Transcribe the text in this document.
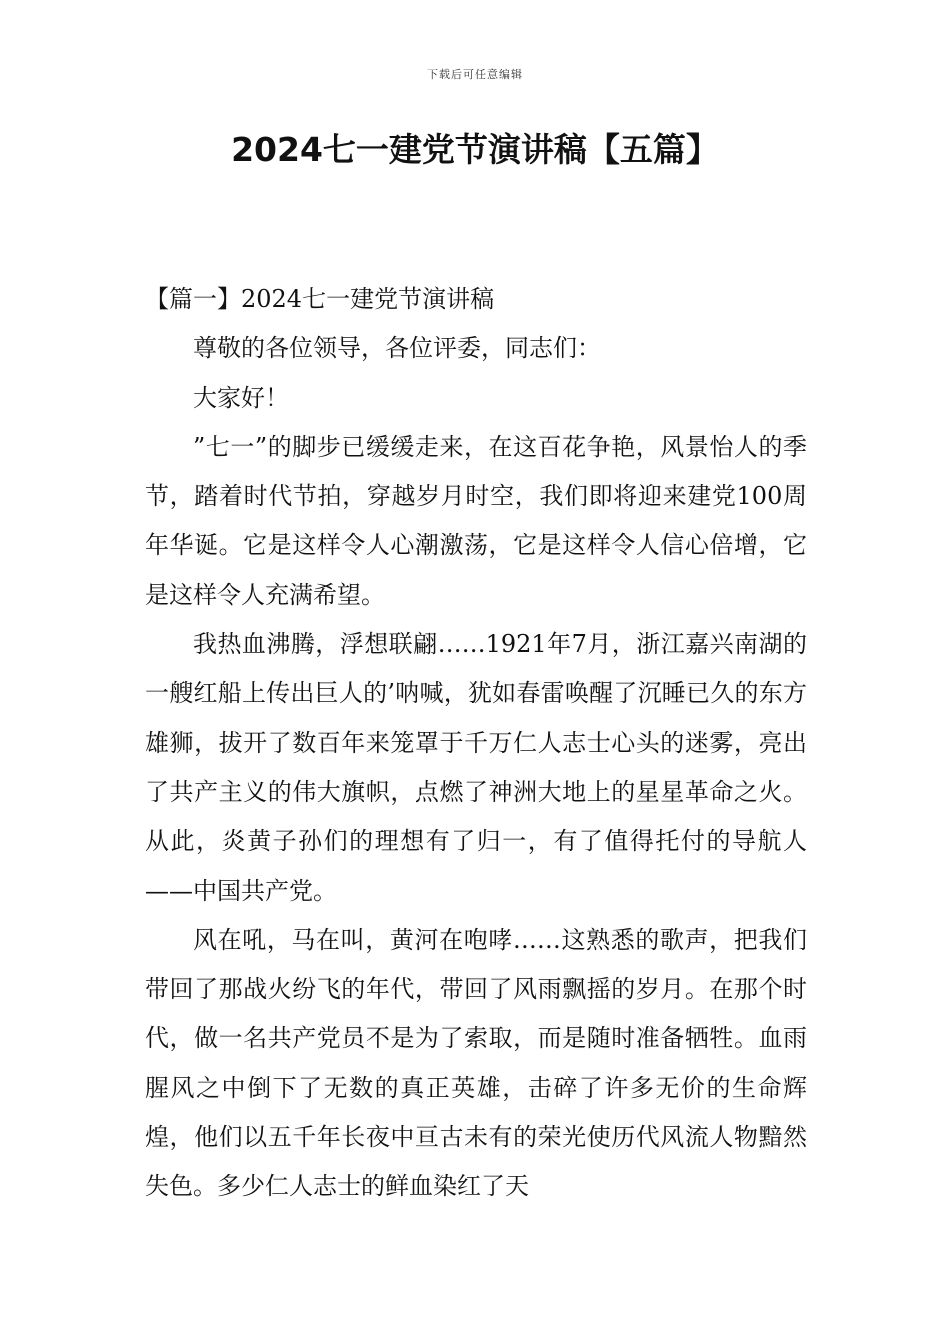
下载后可任意编辑
2024七一建党节演讲稿【五篇】
【篇一】2024七一建党节演讲稿

尊敬的各位领导，各位评委，同志们：

大家好！

”七一”的脚步已缓缓走来，在这百花争艳，风景怡人的季节，踏着时代节拍，穿越岁月时空，我们即将迎来建党100周年华诞。它是这样令人心潮激荡，它是这样令人信心倍增，它是这样令人充满希望。

我热血沸腾，浮想联翩……1921年7月，浙江嘉兴南湖的一艘红船上传出巨人的’呐喊，犹如春雷唤醒了沉睡已久的东方雄狮，拔开了数百年来笼罩于千万仁人志士心头的迷雾，亮出了共产主义的伟大旗帜，点燃了神洲大地上的星星革命之火。从此，炎黄子孙们的理想有了归一，有了值得托付的导航人——中国共产党。

风在吼，马在叫，黄河在咆哮……这熟悉的歌声，把我们带回了那战火纷飞的年代，带回了风雨飘摇的岁月。在那个时代，做一名共产党员不是为了索取，而是随时准备牺牲。血雨腥风之中倒下了无数的真正英雄，击碎了许多无价的生命辉煌，他们以五千年长夜中亘古未有的荣光使历代风流人物黯然失色。多少仁人志士的鲜血染红了天
